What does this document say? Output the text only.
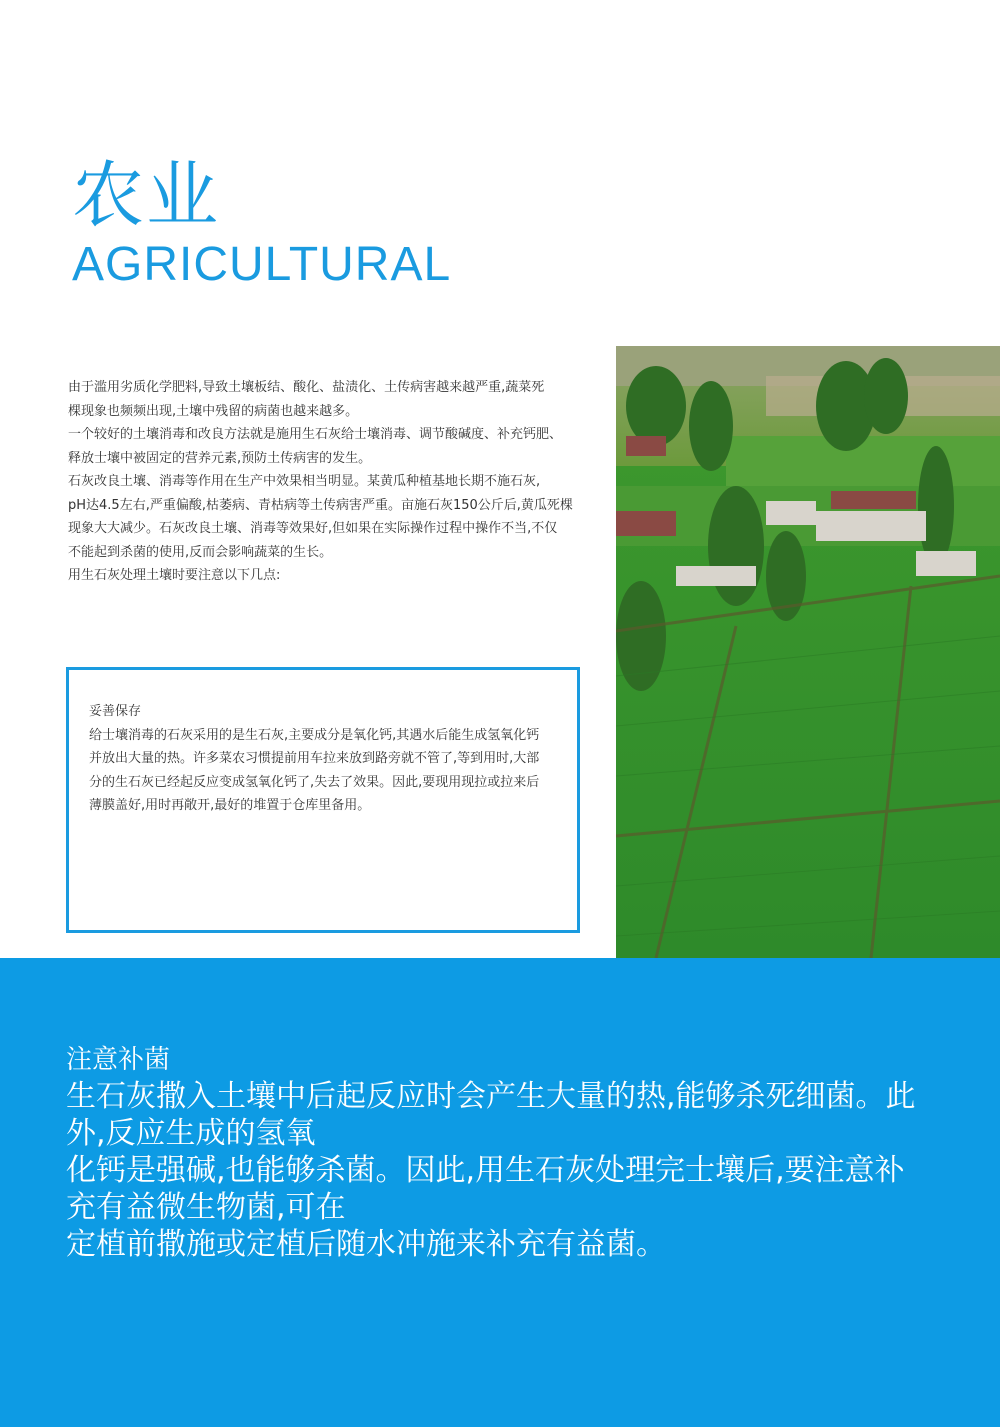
农业
AGRICULTURAL

由于滥用劣质化学肥料,导致土壤板结、酸化、盐渍化、土传病害越来越严重,蔬菜死

棵现象也频频出现,土壤中残留的病菌也越来越多。

一个较好的土壤消毒和改良方法就是施用生石灰给士壤消毒、调节酸碱度、补充钙肥、

释放士壤中被固定的营养元素,预防土传病害的发生。

石灰改良土壤、消毒等作用在生产中效果相当明显。某黄瓜种植基地长期不施石灰,

pH达4.5左右,严重偏酸,枯萎病、青枯病等土传病害严重。亩施石灰150公斤后,黄瓜死棵

现象大大减少。石灰改良土壤、消毒等效果好,但如果在实际操作过程中操作不当,不仅

不能起到杀菌的使用,反而会影响蔬菜的生长。

用生石灰处理土壤时要注意以下几点:

妥善保存

给士壤消毒的石灰采用的是生石灰,主要成分是氧化钙,其遇水后能生成氢氧化钙

并放出大量的热。许多菜农习惯提前用车拉来放到路旁就不管了,等到用时,大部

分的生石灰已经起反应变成氢氧化钙了,失去了效果。因此,要现用现拉或拉来后

薄膜盖好,用时再敞开,最好的堆置于仓库里备用。

注意补菌

生石灰撒入土壤中后起反应时会产生大量的热,能够杀死细菌。此

外,反应生成的氢氧

化钙是强碱,也能够杀菌。因此,用生石灰处理完士壤后,要注意补

充有益微生物菌,可在

定植前撒施或定植后随水冲施来补充有益菌。
